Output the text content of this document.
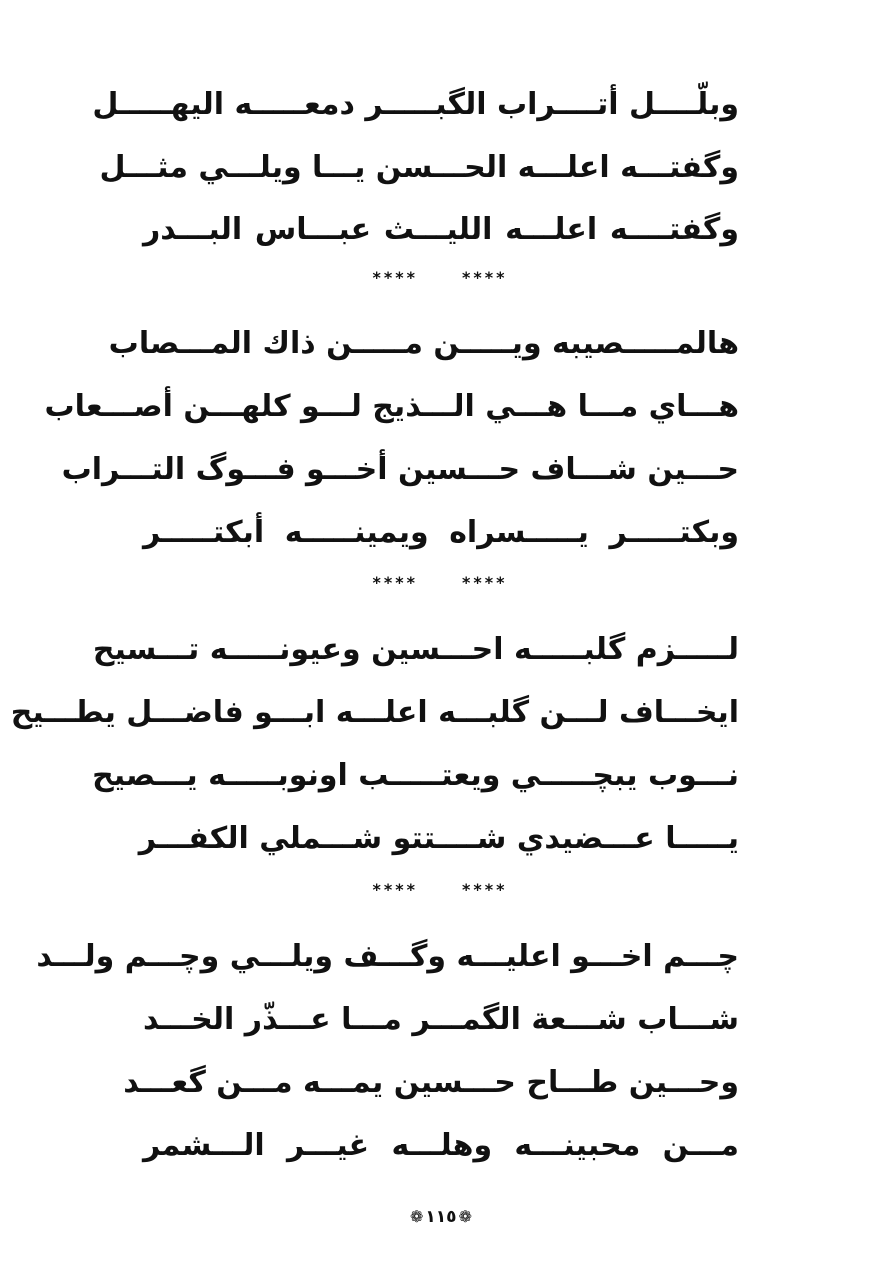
وبلّــــل أتــــراب الگبـــــر دمعـــــه اليهـــــل
وگفتـــه اعلـــه الحـــسن يـــا ويلـــي مثـــل
وگفتــــه اعلـــه الليـــث عبـــاس البـــدر
****	****
هالمـــــصيبه ويـــــن مـــــن ذاك المـــصاب
هـــاي مـــا هـــي الـــذيج لـــو كلهـــن أصـــعاب
حـــين شـــاف حـــسين أخـــو فـــوگ التـــراب
وبكتـــــر يـــــسراه ويمينـــــه أبكتـــــر
****	****
لـــــزم گلبـــــه احـــسين وعيونـــــه تـــسيح
ايخـــاف لـــن گلبـــه اعلـــه ابـــو فاضـــل يطـــيح
نـــوب يبچـــــي ويعتـــــب اونوبـــــه يـــصيح
يـــــا عـــضيدي شــــتتو شـــملي الكفـــر
****	****
چـــم اخـــو اعليـــه وگـــف ويلـــي وچـــم ولـــد
شـــاب شـــعة الگمـــر مـــا عـــذّر الخـــد
وحـــين طـــاح حـــسين يمـــه مـــن گعـــد
مـــن محبينـــه وهلـــه غيـــر الـــشمر
❁ ١١٥ ❁
